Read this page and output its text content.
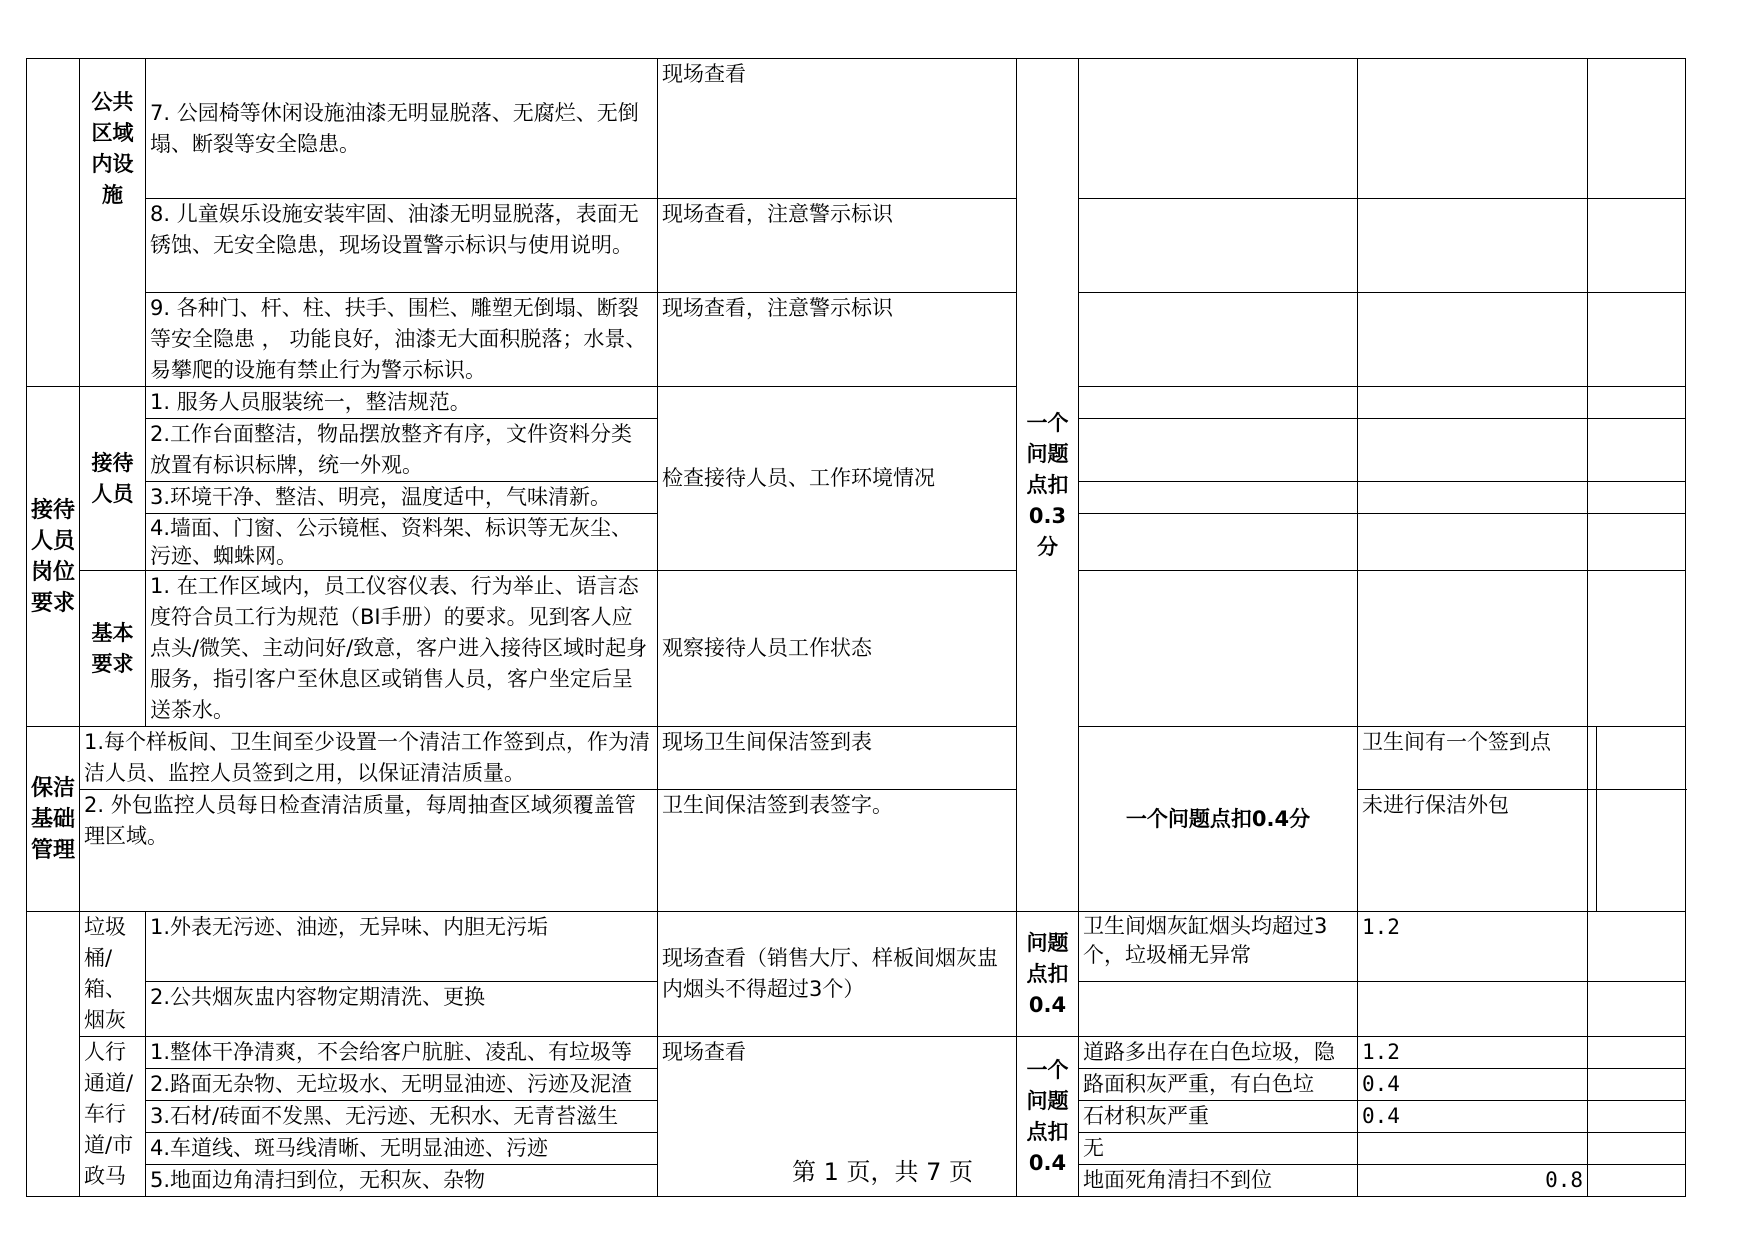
	公共区域内设施	7. 公园椅等休闲设施油漆无明显脱落、无腐烂、无倒塌、断裂等安全隐患。	现场查看	一个问题点扣0.3分				
		8. 儿童娱乐设施安装牢固、油漆无明显脱落，表面无锈蚀、无安全隐患，现场设置警示标识与使用说明。	现场查看，注意警示标识					
		9. 各种门、杆、柱、扶手、围栏、雕塑无倒塌、断裂等安全隐患 ， 功能良好，油漆无大面积脱落；水景、易攀爬的设施有禁止行为警示标识。	现场查看，注意警示标识					
接待人员岗位要求	接待人员	1. 服务人员服装统一，整洁规范。	检查接待人员、工作环境情况					
		2.工作台面整洁，物品摆放整齐有序，文件资料分类放置有标识标牌，统一外观。						
		3.环境干净、整洁、明亮，温度适中，气味清新。						
		4.墙面、门窗、公示镜框、资料架、标识等无灰尘、污迹、蜘蛛网。						
	基本要求	1. 在工作区域内，员工仪容仪表、行为举止、语言态度符合员工行为规范（BI手册）的要求。见到客人应点头/微笑、主动问好/致意，客户进入接待区域时起身服务，指引客户至休息区或销售人员，客户坐定后呈送茶水。	观察接待人员工作状态					
保洁基础管理	1.每个样板间、卫生间至少设置一个清洁工作签到点，作为清洁人员、监控人员签到之用，以保证清洁质量。		现场卫生间保洁签到表		一个问题点扣0.4分	卫生间有一个签到点		
	2. 外包监控人员每日检查清洁质量，每周抽查区域须覆盖管理区域。		卫生间保洁签到表签字。			未进行保洁外包		
	垃圾桶/箱、烟灰	1.外表无污迹、油迹，无异味、内胆无污垢	现场查看（销售大厅、样板间烟灰盅内烟头不得超过3个）	问题点扣0.4	卫生间烟灰缸烟头均超过3个，垃圾桶无异常	1.2		
		2.公共烟灰盅内容物定期清洗、更换						
	人行通道/车行道/市政马	1.整体干净清爽，不会给客户肮脏、凌乱、有垃圾等	现场查看	一个问题点扣0.4	道路多出存在白色垃圾，隐	1.2		
		2.路面无杂物、无垃圾水、无明显油迹、污迹及泥渣			路面积灰严重，有白色垃	0.4		
		3.石材/砖面不发黑、无污迹、无积水、无青苔滋生			石材积灰严重	0.4		
		4.车道线、斑马线清晰、无明显油迹、污迹			无			
		5.地面边角清扫到位，无积灰、杂物			地面死角清扫不到位	0.8		
第 1 页，共 7 页
